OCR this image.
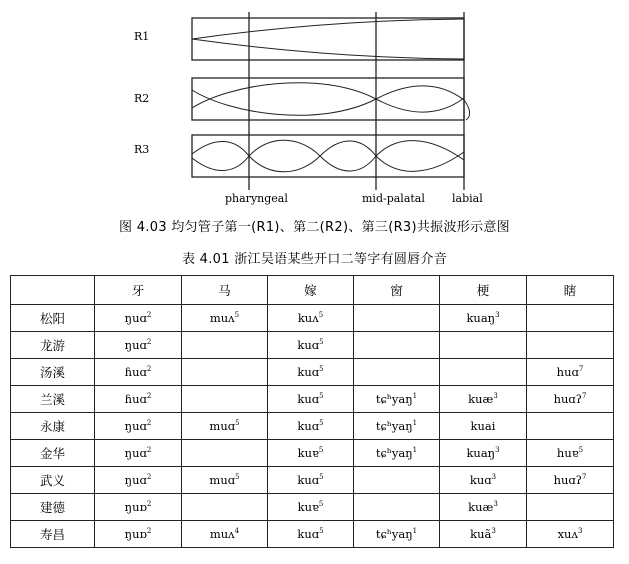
R1
R2
R3
pharyngeal	mid-palatal labial
图 4.03 均匀管子第一(R1)、第二(R2)、第三(R3)共振波形示意图
表 4.01 浙江吴语某些开口二等字有圆唇介音
	牙	马	嫁	窗	梗	瞎
松阳	ŋuɑ$^2$	muʌ$^5$	kuʌ$^5$		kuaŋ$^3$	
龙游	ŋuɑ$^2$		kuɑ$^5$			
汤溪	ɦuɑ$^2$		kuɑ$^5$			huɑ$^7$
兰溪	ɦuɑ$^2$		kuɑ$^5$	tɕʰyaŋ$^1$	kuæ$^3$	huɑʔ$^7$
永康	ŋuɑ$^2$	muɑ$^5$	kuɑ$^5$	tɕʰyaŋ$^1$	kuai	
金华	ŋuɑ$^2$		kuɐ$^5$	tɕʰyaŋ$^1$	kuaŋ$^3$	huɐ$^5$
武义	ŋuɑ$^2$	muɑ$^5$	kuɑ$^5$		kuɑ$^3$	huɑʔ$^7$
建德	ŋuɒ$^2$		kuɐ$^5$		kuæ$^3$	
寿昌	ŋuɒ$^2$	muʌ$^4$	kuɑ$^5$	tɕʰyaŋ$^1$	kuã$^3$	xuʌ$^3$
